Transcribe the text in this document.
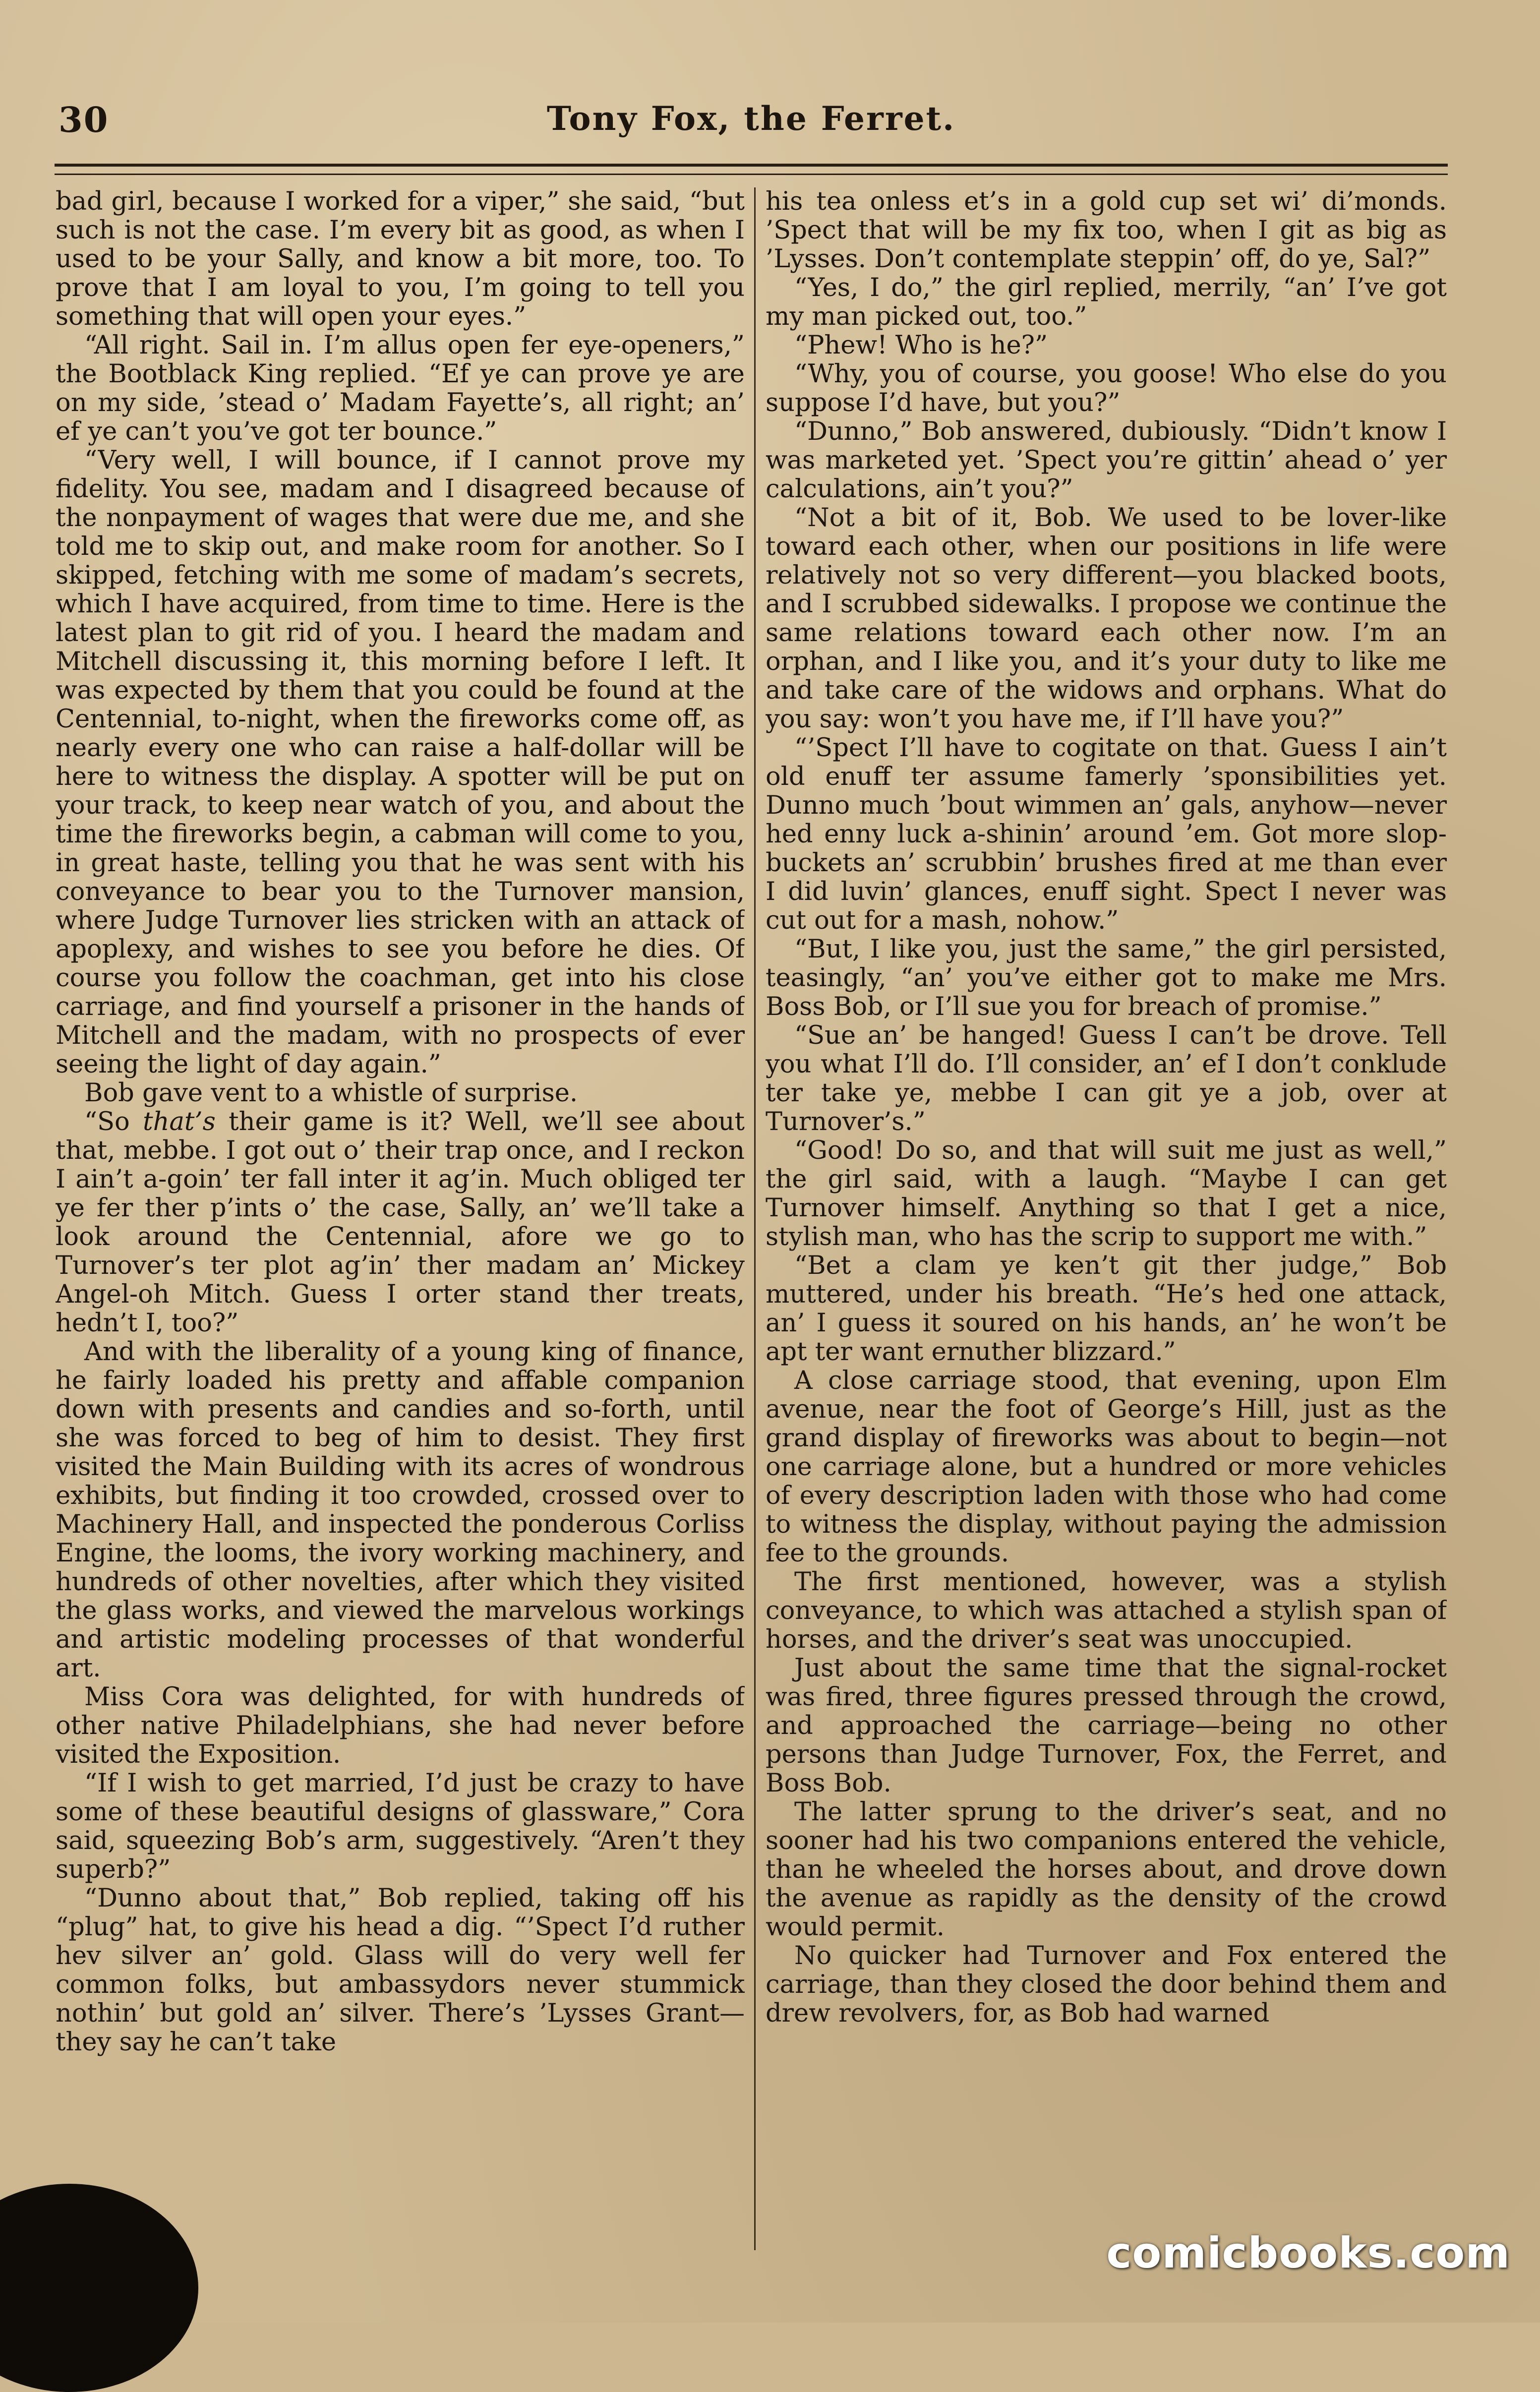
30	Tony Fox, the Ferret.

bad girl, because I worked for a viper,” she said, “but such is not the case. I’m every bit as good, as when I used to be your Sally, and know a bit more, too. To prove that I am loyal to you, I’m going to tell you something that will open your eyes.”

“All right. Sail in. I’m allus open fer eye-openers,” the Bootblack King replied. “Ef ye can prove ye are on my side, ’stead o’ Madam Fayette’s, all right; an’ ef ye can’t you’ve got ter bounce.”

“Very well, I will bounce, if I cannot prove my fidelity. You see, madam and I disagreed because of the nonpayment of wages that were due me, and she told me to skip out, and make room for another. So I skipped, fetching with me some of madam’s secrets, which I have acquired, from time to time. Here is the latest plan to git rid of you. I heard the madam and Mitchell discussing it, this morning before I left. It was expected by them that you could be found at the Centennial, to-night, when the fireworks come off, as nearly every one who can raise a half-dollar will be here to witness the display. A spotter will be put on your track, to keep near watch of you, and about the time the fireworks begin, a cabman will come to you, in great haste, telling you that he was sent with his conveyance to bear you to the Turnover mansion, where Judge Turnover lies stricken with an attack of apoplexy, and wishes to see you before he dies. Of course you follow the coachman, get into his close carriage, and find yourself a prisoner in the hands of Mitchell and the madam, with no prospects of ever seeing the light of day again.”

Bob gave vent to a whistle of surprise.

“So that’s their game is it? Well, we’ll see about that, mebbe. I got out o’ their trap once, and I reckon I ain’t a-goin’ ter fall inter it ag’in. Much obliged ter ye fer ther p’ints o’ the case, Sally, an’ we’ll take a look around the Centennial, afore we go to Turnover’s ter plot ag’in’ ther madam an’ Mickey Angel-oh Mitch. Guess I orter stand ther treats, hedn’t I, too?”

And with the liberality of a young king of finance, he fairly loaded his pretty and affable companion down with presents and candies and so-forth, until she was forced to beg of him to desist. They first visited the Main Building with its acres of wondrous exhibits, but finding it too crowded, crossed over to Machinery Hall, and inspected the ponderous Corliss Engine, the looms, the ivory working machinery, and hundreds of other novelties, after which they visited the glass works, and viewed the marvelous workings and artistic modeling processes of that wonderful art.

Miss Cora was delighted, for with hundreds of other native Philadelphians, she had never before visited the Exposition.

“If I wish to get married, I’d just be crazy to have some of these beautiful designs of glassware,” Cora said, squeezing Bob’s arm, suggestively. “Aren’t they superb?”

“Dunno about that,” Bob replied, taking off his “plug” hat, to give his head a dig. “’Spect I’d ruther hev silver an’ gold. Glass will do very well fer common folks, but ambassydors never stummick nothin’ but gold an’ silver. There’s ’Lysses Grant—they say he can’t take

his tea onless et’s in a gold cup set wi’ di’monds. ’Spect that will be my fix too, when I git as big as ’Lysses. Don’t contemplate steppin’ off, do ye, Sal?”

“Yes, I do,” the girl replied, merrily, “an’ I’ve got my man picked out, too.”

“Phew! Who is he?”

“Why, you of course, you goose! Who else do you suppose I’d have, but you?”

“Dunno,” Bob answered, dubiously. “Didn’t know I was marketed yet. ’Spect you’re gittin’ ahead o’ yer calculations, ain’t you?”

“Not a bit of it, Bob. We used to be lover-like toward each other, when our positions in life were relatively not so very different—you blacked boots, and I scrubbed sidewalks. I propose we continue the same relations toward each other now. I’m an orphan, and I like you, and it’s your duty to like me and take care of the widows and orphans. What do you say: won’t you have me, if I’ll have you?”

“’Spect I’ll have to cogitate on that. Guess I ain’t old enuff ter assume famerly ’sponsibilities yet. Dunno much ’bout wimmen an’ gals, anyhow—never hed enny luck a-shinin’ around ’em. Got more slop-buckets an’ scrubbin’ brushes fired at me than ever I did luvin’ glances, enuff sight. Spect I never was cut out for a mash, nohow.”

“But, I like you, just the same,” the girl persisted, teasingly, “an’ you’ve either got to make me Mrs. Boss Bob, or I’ll sue you for breach of promise.”

“Sue an’ be hanged! Guess I can’t be drove. Tell you what I’ll do. I’ll consider, an’ ef I don’t conklude ter take ye, mebbe I can git ye a job, over at Turnover’s.”

“Good! Do so, and that will suit me just as well,” the girl said, with a laugh. “Maybe I can get Turnover himself. Anything so that I get a nice, stylish man, who has the scrip to support me with.”

“Bet a clam ye ken’t git ther judge,” Bob muttered, under his breath. “He’s hed one attack, an’ I guess it soured on his hands, an’ he won’t be apt ter want ernuther blizzard.”

A close carriage stood, that evening, upon Elm avenue, near the foot of George’s Hill, just as the grand display of fireworks was about to begin—not one carriage alone, but a hundred or more vehicles of every description laden with those who had come to witness the display, without paying the admission fee to the grounds.

The first mentioned, however, was a stylish conveyance, to which was attached a stylish span of horses, and the driver’s seat was unoccupied.

Just about the same time that the signal-rocket was fired, three figures pressed through the crowd, and approached the carriage—being no other persons than Judge Turnover, Fox, the Ferret, and Boss Bob.

The latter sprung to the driver’s seat, and no sooner had his two companions entered the vehicle, than he wheeled the horses about, and drove down the avenue as rapidly as the density of the crowd would permit.

No quicker had Turnover and Fox entered the carriage, than they closed the door behind them and drew revolvers, for, as Bob had warned

comicbooks.com
